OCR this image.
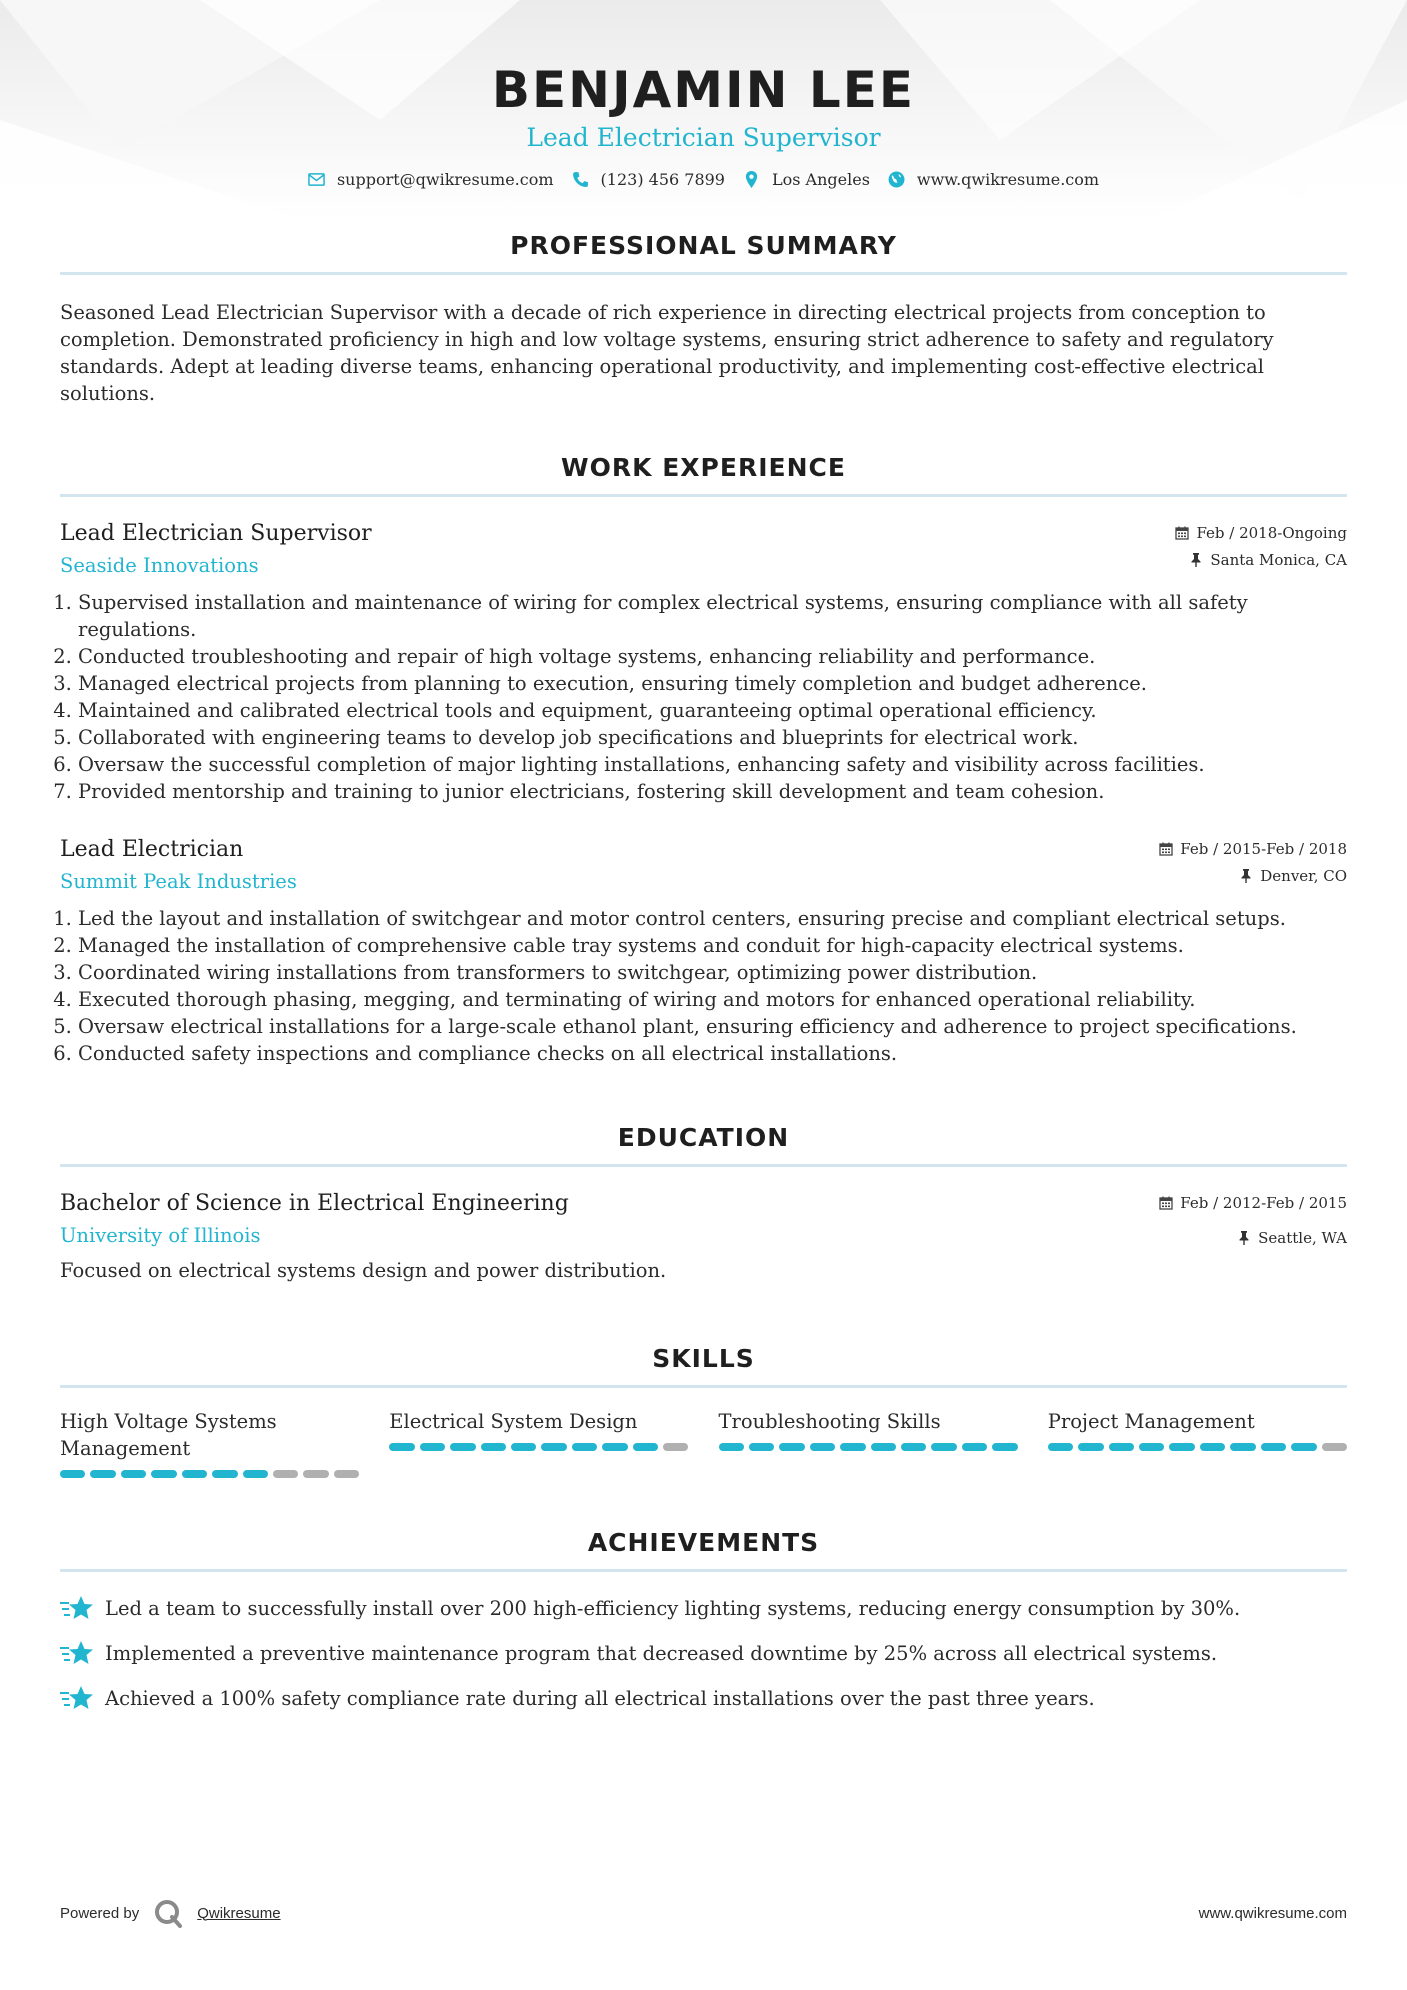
BENJAMIN LEE
Lead Electrician Supervisor
support@qwikresume.com	(123) 456 7899	Los Angeles	www.qwikresume.com
PROFESSIONAL SUMMARY

Seasoned Lead Electrician Supervisor with a decade of rich experience in directing electrical projects from conception to completion. Demonstrated proficiency in high and low voltage systems, ensuring strict adherence to safety and regulatory standards. Adept at leading diverse teams, enhancing operational productivity, and implementing cost-effective electrical solutions.

WORK EXPERIENCE
Lead Electrician Supervisor
Seaside Innovations
Feb / 2018-Ongoing
Santa Monica, CA
1. Supervised installation and maintenance of wiring for complex electrical systems, ensuring compliance with all safety regulations.
2. Conducted troubleshooting and repair of high voltage systems, enhancing reliability and performance.
3. Managed electrical projects from planning to execution, ensuring timely completion and budget adherence.
4. Maintained and calibrated electrical tools and equipment, guaranteeing optimal operational efficiency.
5. Collaborated with engineering teams to develop job specifications and blueprints for electrical work.
6. Oversaw the successful completion of major lighting installations, enhancing safety and visibility across facilities.
7. Provided mentorship and training to junior electricians, fostering skill development and team cohesion.
Lead Electrician
Summit Peak Industries
Feb / 2015-Feb / 2018
Denver, CO
1. Led the layout and installation of switchgear and motor control centers, ensuring precise and compliant electrical setups.
2. Managed the installation of comprehensive cable tray systems and conduit for high-capacity electrical systems.
3. Coordinated wiring installations from transformers to switchgear, optimizing power distribution.
4. Executed thorough phasing, megging, and terminating of wiring and motors for enhanced operational reliability.
5. Oversaw electrical installations for a large-scale ethanol plant, ensuring efficiency and adherence to project specifications.
6. Conducted safety inspections and compliance checks on all electrical installations.
EDUCATION
Bachelor of Science in Electrical Engineering
University of Illinois
Feb / 2012-Feb / 2015
Seattle, WA

Focused on electrical systems design and power distribution.

SKILLS
High Voltage Systems Management
Electrical System Design	Troubleshooting Skills	Project Management
ACHIEVEMENTS
Led a team to successfully install over 200 high-efficiency lighting systems, reducing energy consumption by 30%.
Implemented a preventive maintenance program that decreased downtime by 25% across all electrical systems.
Achieved a 100% safety compliance rate during all electrical installations over the past three years.
Powered by	Qwikresume	www.qwikresume.com
